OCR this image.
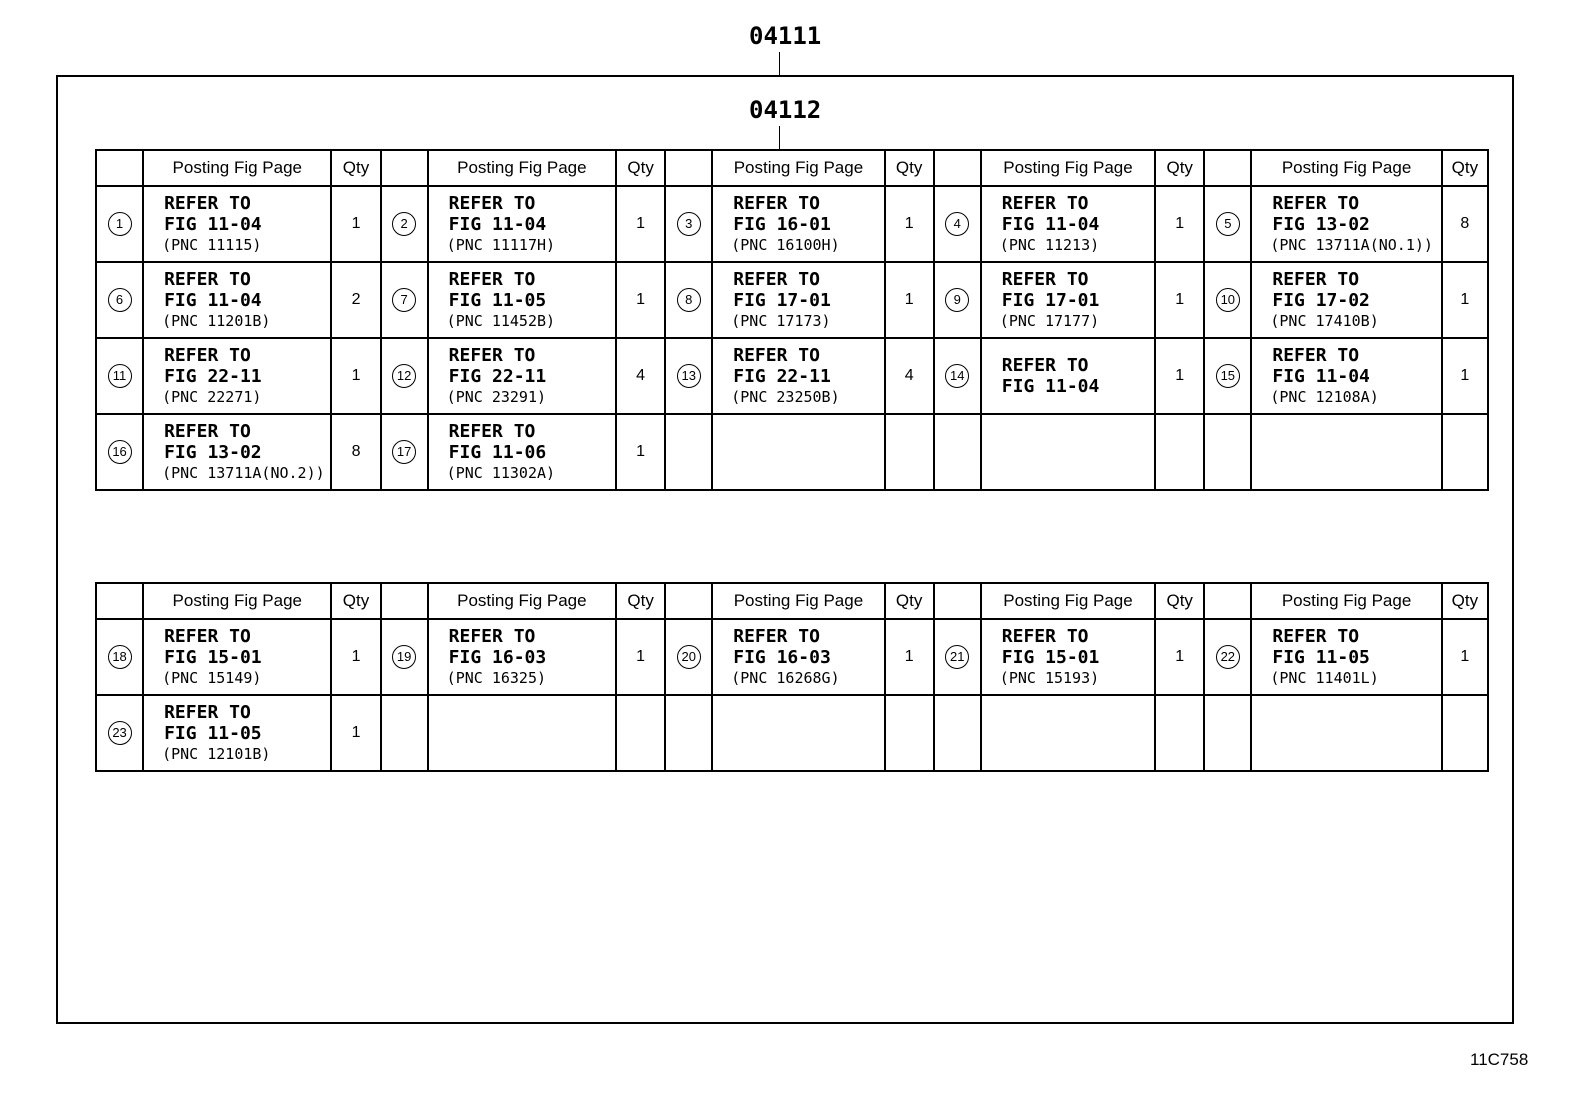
04111
04112
	Posting Fig Page	Qty		Posting Fig Page	Qty		Posting Fig Page	Qty		Posting Fig Page	Qty		Posting Fig Page	Qty
1	REFER TO
FIG 11-04
(PNC 11115)	1	2	REFER TO
FIG 11-04
(PNC 11117H)	1	3	REFER TO
FIG 16-01
(PNC 16100H)	1	4	REFER TO
FIG 11-04
(PNC 11213)	1	5	REFER TO
FIG 13-02
(PNC 13711A(NO.1))	8
6	REFER TO
FIG 11-04
(PNC 11201B)	2	7	REFER TO
FIG 11-05
(PNC 11452B)	1	8	REFER TO
FIG 17-01
(PNC 17173)	1	9	REFER TO
FIG 17-01
(PNC 17177)	1	10	REFER TO
FIG 17-02
(PNC 17410B)	1
11	REFER TO
FIG 22-11
(PNC 22271)	1	12	REFER TO
FIG 22-11
(PNC 23291)	4	13	REFER TO
FIG 22-11
(PNC 23250B)	4	14	REFER TO
FIG 11-04	1	15	REFER TO
FIG 11-04
(PNC 12108A)	1
16	REFER TO
FIG 13-02
(PNC 13711A(NO.2))	8	17	REFER TO
FIG 11-06
(PNC 11302A)	1									
	Posting Fig Page	Qty		Posting Fig Page	Qty		Posting Fig Page	Qty		Posting Fig Page	Qty		Posting Fig Page	Qty
18	REFER TO
FIG 15-01
(PNC 15149)	1	19	REFER TO
FIG 16-03
(PNC 16325)	1	20	REFER TO
FIG 16-03
(PNC 16268G)	1	21	REFER TO
FIG 15-01
(PNC 15193)	1	22	REFER TO
FIG 11-05
(PNC 11401L)	1
23	REFER TO
FIG 11-05
(PNC 12101B)	1												
11C758
